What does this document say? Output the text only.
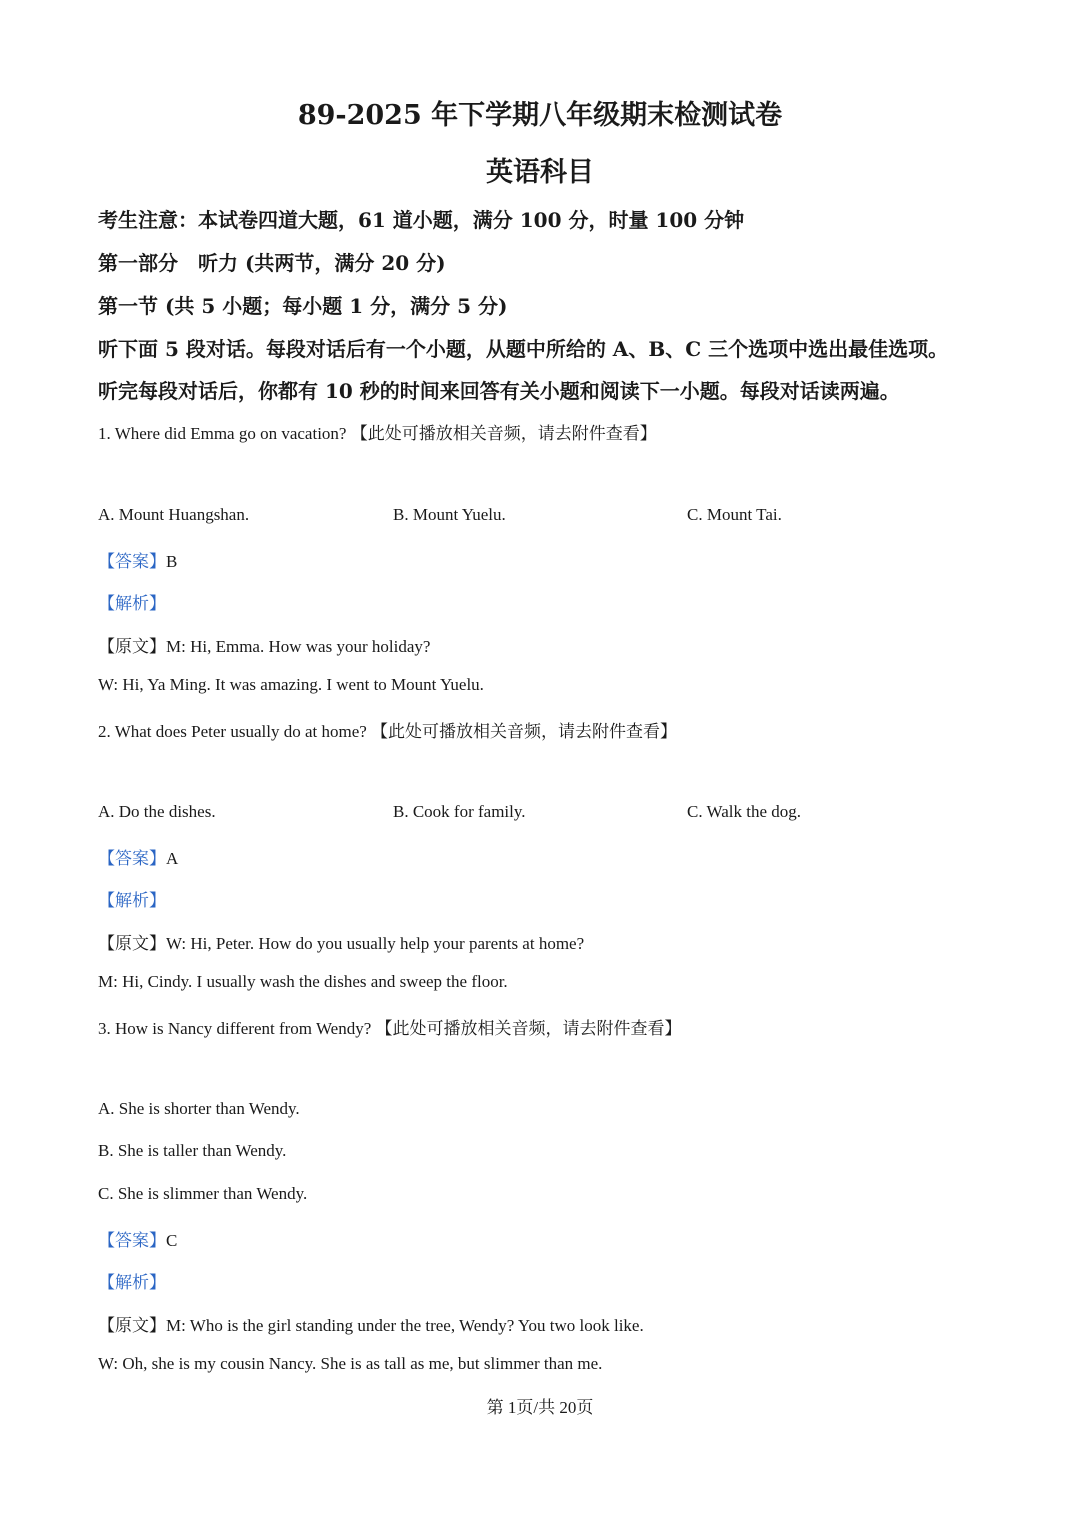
89-2025 年下学期八年级期末检测试卷
英语科目

考生注意：本试卷四道大题，61 道小题，满分 100 分，时量 100 分钟

第一部分　听力 (共两节，满分 20 分)

第一节 (共 5 小题；每小题 1 分，满分 5 分)

听下面 5 段对话。每段对话后有一个小题，从题中所给的 A、B、C 三个选项中选出最佳选项。

听完每段对话后，你都有 10 秒的时间来回答有关小题和阅读下一小题。每段对话读两遍。

1. Where did Emma go on vacation? 【此处可播放相关音频，请去附件查看】
A. Mount Huangshan.	B. Mount Yuelu.	C. Mount Tai.
【答案】B
【解析】
【原文】M: Hi, Emma. How was your holiday?
W: Hi, Ya Ming. It was amazing. I went to Mount Yuelu.
2. What does Peter usually do at home? 【此处可播放相关音频，请去附件查看】
A. Do the dishes.	B. Cook for family.	C. Walk the dog.
【答案】A
【解析】
【原文】W: Hi, Peter. How do you usually help your parents at home?
M: Hi, Cindy. I usually wash the dishes and sweep the floor.
3. How is Nancy different from Wendy? 【此处可播放相关音频，请去附件查看】
A. She is shorter than Wendy.
B. She is taller than Wendy.
C. She is slimmer than Wendy.
【答案】C
【解析】
【原文】M: Who is the girl standing under the tree, Wendy? You two look like.
W: Oh, she is my cousin Nancy. She is as tall as me, but slimmer than me.
第 1页/共 20页
